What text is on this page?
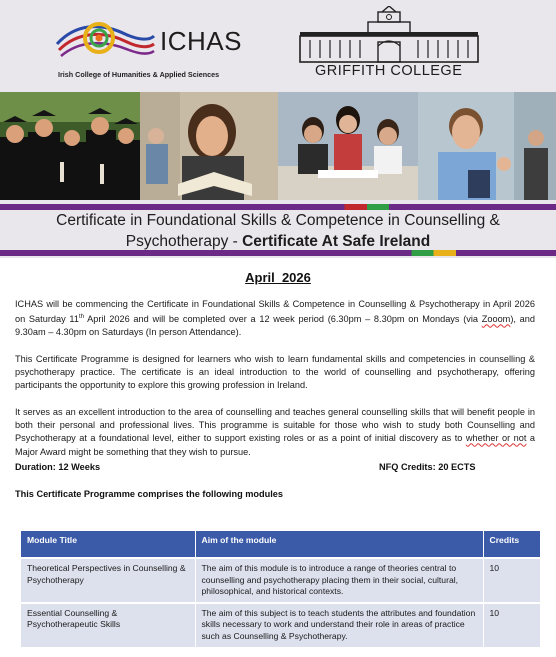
ICHAS
Irish College of Humanities & Applied Sciences	GRIFFITH COLLEGE
Certificate in Foundational Skills & Competence in Counselling &
Psychotherapy - Certificate At Safe Ireland
April  2026
ICHAS will be commencing the Certificate in Foundational Skills & Competence in Counselling & Psychotherapy in April 2026 on Saturday 11th April 2026 and will be completed over a 12 week period (6.30pm – 8.30pm on Mondays (via Zooom), and 9.30am – 4.30pm on Saturdays (In person Attendance).
This Certificate Programme is designed for learners who wish to learn fundamental skills and competencies in counselling & psychotherapy practice. The certificate is an ideal introduction to the world of counselling and psychotherapy, offering participants the opportunity to explore this growing profession in Ireland.
It serves as an excellent introduction to the area of counselling and teaches general counselling skills that will benefit people in both their personal and professional lives. This programme is suitable for those who wish to study both Counselling and Psychotherapy at a foundational level, either to support existing roles or as a point of initial discovery as to whether or not a Major Award might be something that they wish to pursue.
Duration: 12 Weeks	NFQ Credits: 20 ECTS
This Certificate Programme comprises the following modules
Module Title	Aim of the module	Credits
Theoretical Perspectives in Counselling & Psychotherapy	The aim of this module is to introduce a range of theories central to counselling and psychotherapy placing them in their social, cultural, philosophical, and historical contexts.	10
Essential Counselling & Psychotherapeutic Skills	The aim of this subject is to teach students the attributes and foundation skills necessary to work and understand their role in areas of practice such as Counselling & Psychotherapy.	10
